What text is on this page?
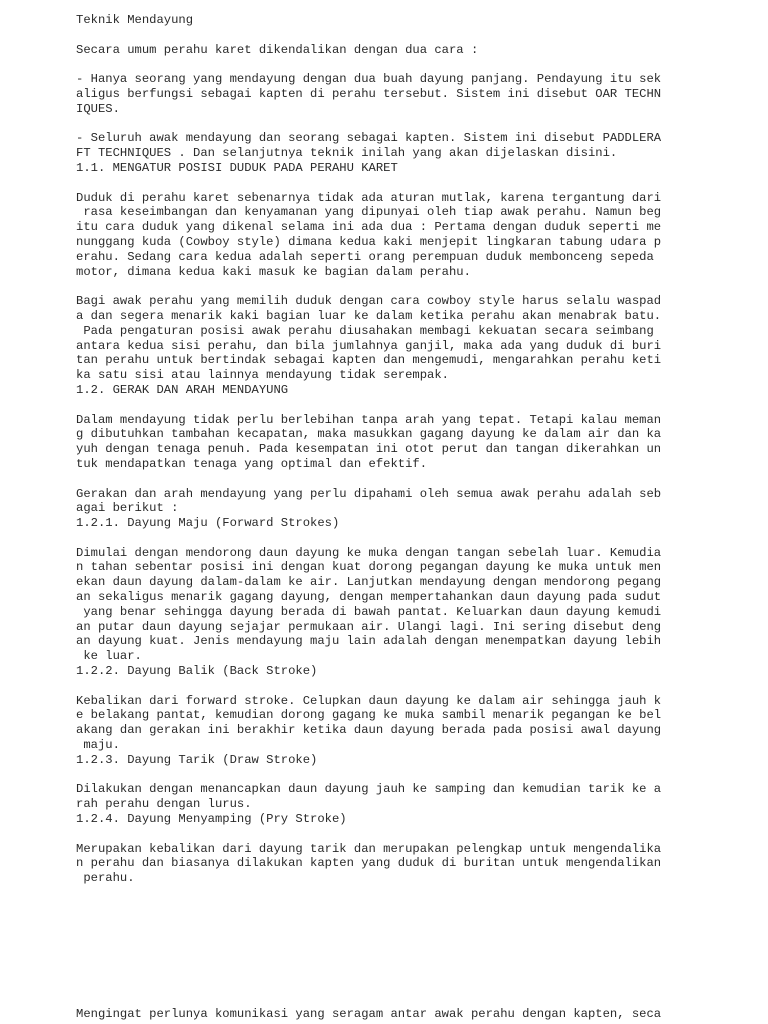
Teknik Mendayung
Secara umum perahu karet dikendalikan dengan dua cara :
- Hanya seorang yang mendayung dengan dua buah dayung panjang. Pendayung itu sek
aligus berfungsi sebagai kapten di perahu tersebut. Sistem ini disebut OAR TECHN
IQUES.
- Seluruh awak mendayung dan seorang sebagai kapten. Sistem ini disebut PADDLERA
FT TECHNIQUES . Dan selanjutnya teknik inilah yang akan dijelaskan disini.
1.1. MENGATUR POSISI DUDUK PADA PERAHU KARET
Duduk di perahu karet sebenarnya tidak ada aturan mutlak, karena tergantung dari
rasa keseimbangan dan kenyamanan yang dipunyai oleh tiap awak perahu. Namun beg
itu cara duduk yang dikenal selama ini ada dua : Pertama dengan duduk seperti me
nunggang kuda (Cowboy style) dimana kedua kaki menjepit lingkaran tabung udara p
erahu. Sedang cara kedua adalah seperti orang perempuan duduk membonceng sepeda
motor, dimana kedua kaki masuk ke bagian dalam perahu.
Bagi awak perahu yang memilih duduk dengan cara cowboy style harus selalu waspad
a dan segera menarik kaki bagian luar ke dalam ketika perahu akan menabrak batu.
Pada pengaturan posisi awak perahu diusahakan membagi kekuatan secara seimbang
antara kedua sisi perahu, dan bila jumlahnya ganjil, maka ada yang duduk di buri
tan perahu untuk bertindak sebagai kapten dan mengemudi, mengarahkan perahu keti
ka satu sisi atau lainnya mendayung tidak serempak.
1.2. GERAK DAN ARAH MENDAYUNG
Dalam mendayung tidak perlu berlebihan tanpa arah yang tepat. Tetapi kalau meman
g dibutuhkan tambahan kecapatan, maka masukkan gagang dayung ke dalam air dan ka
yuh dengan tenaga penuh. Pada kesempatan ini otot perut dan tangan dikerahkan un
tuk mendapatkan tenaga yang optimal dan efektif.
Gerakan dan arah mendayung yang perlu dipahami oleh semua awak perahu adalah seb
agai berikut :
1.2.1. Dayung Maju (Forward Strokes)
Dimulai dengan mendorong daun dayung ke muka dengan tangan sebelah luar. Kemudia
n tahan sebentar posisi ini dengan kuat dorong pegangan dayung ke muka untuk men
ekan daun dayung dalam-dalam ke air. Lanjutkan mendayung dengan mendorong pegang
an sekaligus menarik gagang dayung, dengan mempertahankan daun dayung pada sudut
yang benar sehingga dayung berada di bawah pantat. Keluarkan daun dayung kemudi
an putar daun dayung sejajar permukaan air. Ulangi lagi. Ini sering disebut deng
an dayung kuat. Jenis mendayung maju lain adalah dengan menempatkan dayung lebih
ke luar.
1.2.2. Dayung Balik (Back Stroke)
Kebalikan dari forward stroke. Celupkan daun dayung ke dalam air sehingga jauh k
e belakang pantat, kemudian dorong gagang ke muka sambil menarik pegangan ke bel
akang dan gerakan ini berakhir ketika daun dayung berada pada posisi awal dayung
maju.
1.2.3. Dayung Tarik (Draw Stroke)
Dilakukan dengan menancapkan daun dayung jauh ke samping dan kemudian tarik ke a
rah perahu dengan lurus.
1.2.4. Dayung Menyamping (Pry Stroke)
Merupakan kebalikan dari dayung tarik dan merupakan pelengkap untuk mengendalika
n perahu dan biasanya dilakukan kapten yang duduk di buritan untuk mengendalikan
perahu.
Mengingat perlunya komunikasi yang seragam antar awak perahu dengan kapten, seca
